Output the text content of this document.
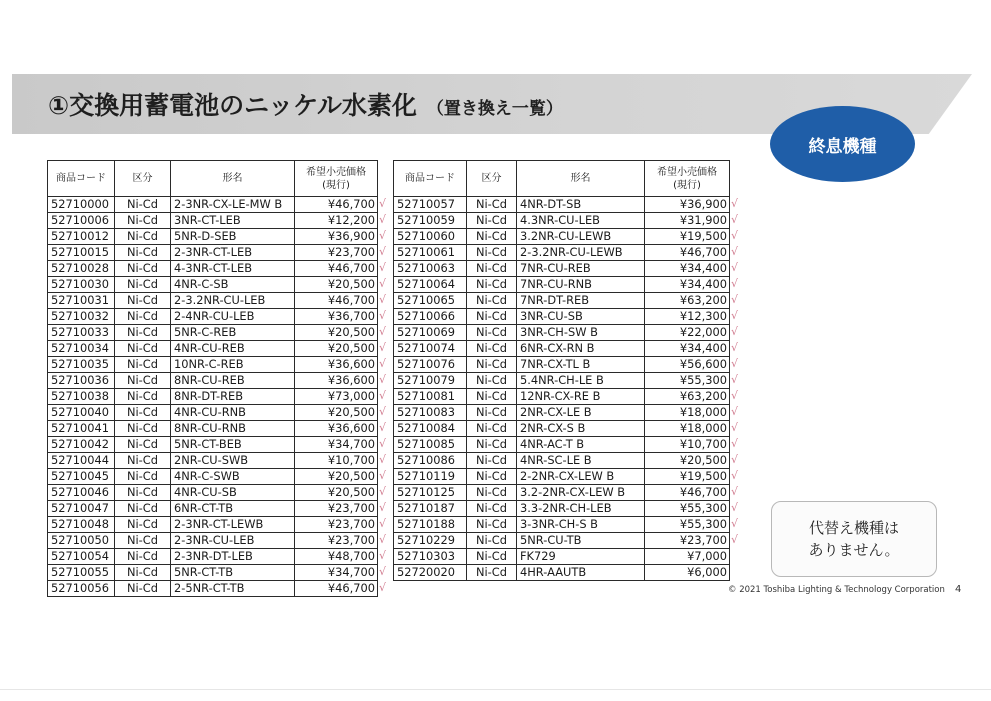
①交換用蓄電池のニッケル水素化 （置き換え一覧）
終息機種
商品コード	区分	形名	希望小売価格
(現行)
52710000	Ni-Cd	2-3NR-CX-LE-MW B	¥46,700
52710006	Ni-Cd	3NR-CT-LEB	¥12,200
52710012	Ni-Cd	5NR-D-SEB	¥36,900
52710015	Ni-Cd	2-3NR-CT-LEB	¥23,700
52710028	Ni-Cd	4-3NR-CT-LEB	¥46,700
52710030	Ni-Cd	4NR-C-SB	¥20,500
52710031	Ni-Cd	2-3.2NR-CU-LEB	¥46,700
52710032	Ni-Cd	2-4NR-CU-LEB	¥36,700
52710033	Ni-Cd	5NR-C-REB	¥20,500
52710034	Ni-Cd	4NR-CU-REB	¥20,500
52710035	Ni-Cd	10NR-C-REB	¥36,600
52710036	Ni-Cd	8NR-CU-REB	¥36,600
52710038	Ni-Cd	8NR-DT-REB	¥73,000
52710040	Ni-Cd	4NR-CU-RNB	¥20,500
52710041	Ni-Cd	8NR-CU-RNB	¥36,600
52710042	Ni-Cd	5NR-CT-BEB	¥34,700
52710044	Ni-Cd	2NR-CU-SWB	¥10,700
52710045	Ni-Cd	4NR-C-SWB	¥20,500
52710046	Ni-Cd	4NR-CU-SB	¥20,500
52710047	Ni-Cd	6NR-CT-TB	¥23,700
52710048	Ni-Cd	2-3NR-CT-LEWB	¥23,700
52710050	Ni-Cd	2-3NR-CU-LEB	¥23,700
52710054	Ni-Cd	2-3NR-DT-LEB	¥48,700
52710055	Ni-Cd	5NR-CT-TB	¥34,700
52710056	Ni-Cd	2-5NR-CT-TB	¥46,700
商品コード	区分	形名	希望小売価格
(現行)
52710057	Ni-Cd	4NR-DT-SB	¥36,900
52710059	Ni-Cd	4.3NR-CU-LEB	¥31,900
52710060	Ni-Cd	3.2NR-CU-LEWB	¥19,500
52710061	Ni-Cd	2-3.2NR-CU-LEWB	¥46,700
52710063	Ni-Cd	7NR-CU-REB	¥34,400
52710064	Ni-Cd	7NR-CU-RNB	¥34,400
52710065	Ni-Cd	7NR-DT-REB	¥63,200
52710066	Ni-Cd	3NR-CU-SB	¥12,300
52710069	Ni-Cd	3NR-CH-SW B	¥22,000
52710074	Ni-Cd	6NR-CX-RN B	¥34,400
52710076	Ni-Cd	7NR-CX-TL B	¥56,600
52710079	Ni-Cd	5.4NR-CH-LE B	¥55,300
52710081	Ni-Cd	12NR-CX-RE B	¥63,200
52710083	Ni-Cd	2NR-CX-LE B	¥18,000
52710084	Ni-Cd	2NR-CX-S B	¥18,000
52710085	Ni-Cd	4NR-AC-T B	¥10,700
52710086	Ni-Cd	4NR-SC-LE B	¥20,500
52710119	Ni-Cd	2-2NR-CX-LEW B	¥19,500
52710125	Ni-Cd	3.2-2NR-CX-LEW B	¥46,700
52710187	Ni-Cd	3.3-2NR-CH-LEB	¥55,300
52710188	Ni-Cd	3-3NR-CH-S B	¥55,300
52710229	Ni-Cd	5NR-CU-TB	¥23,700
52710303	Ni-Cd	FK729	¥7,000
52720020	Ni-Cd	4HR-AAUTB	¥6,000
代替え機種は
ありません。
© 2021 Toshiba Lighting & Technology Corporation 4
√
√
√
√
√
√
√
√
√
√
√
√
√
√
√
√
√
√
√
√
√
√
√
√
√
√
√
√
√
√
√
√
√
√
√
√
√
√
√
√
√
√
√
√
√
√
√
